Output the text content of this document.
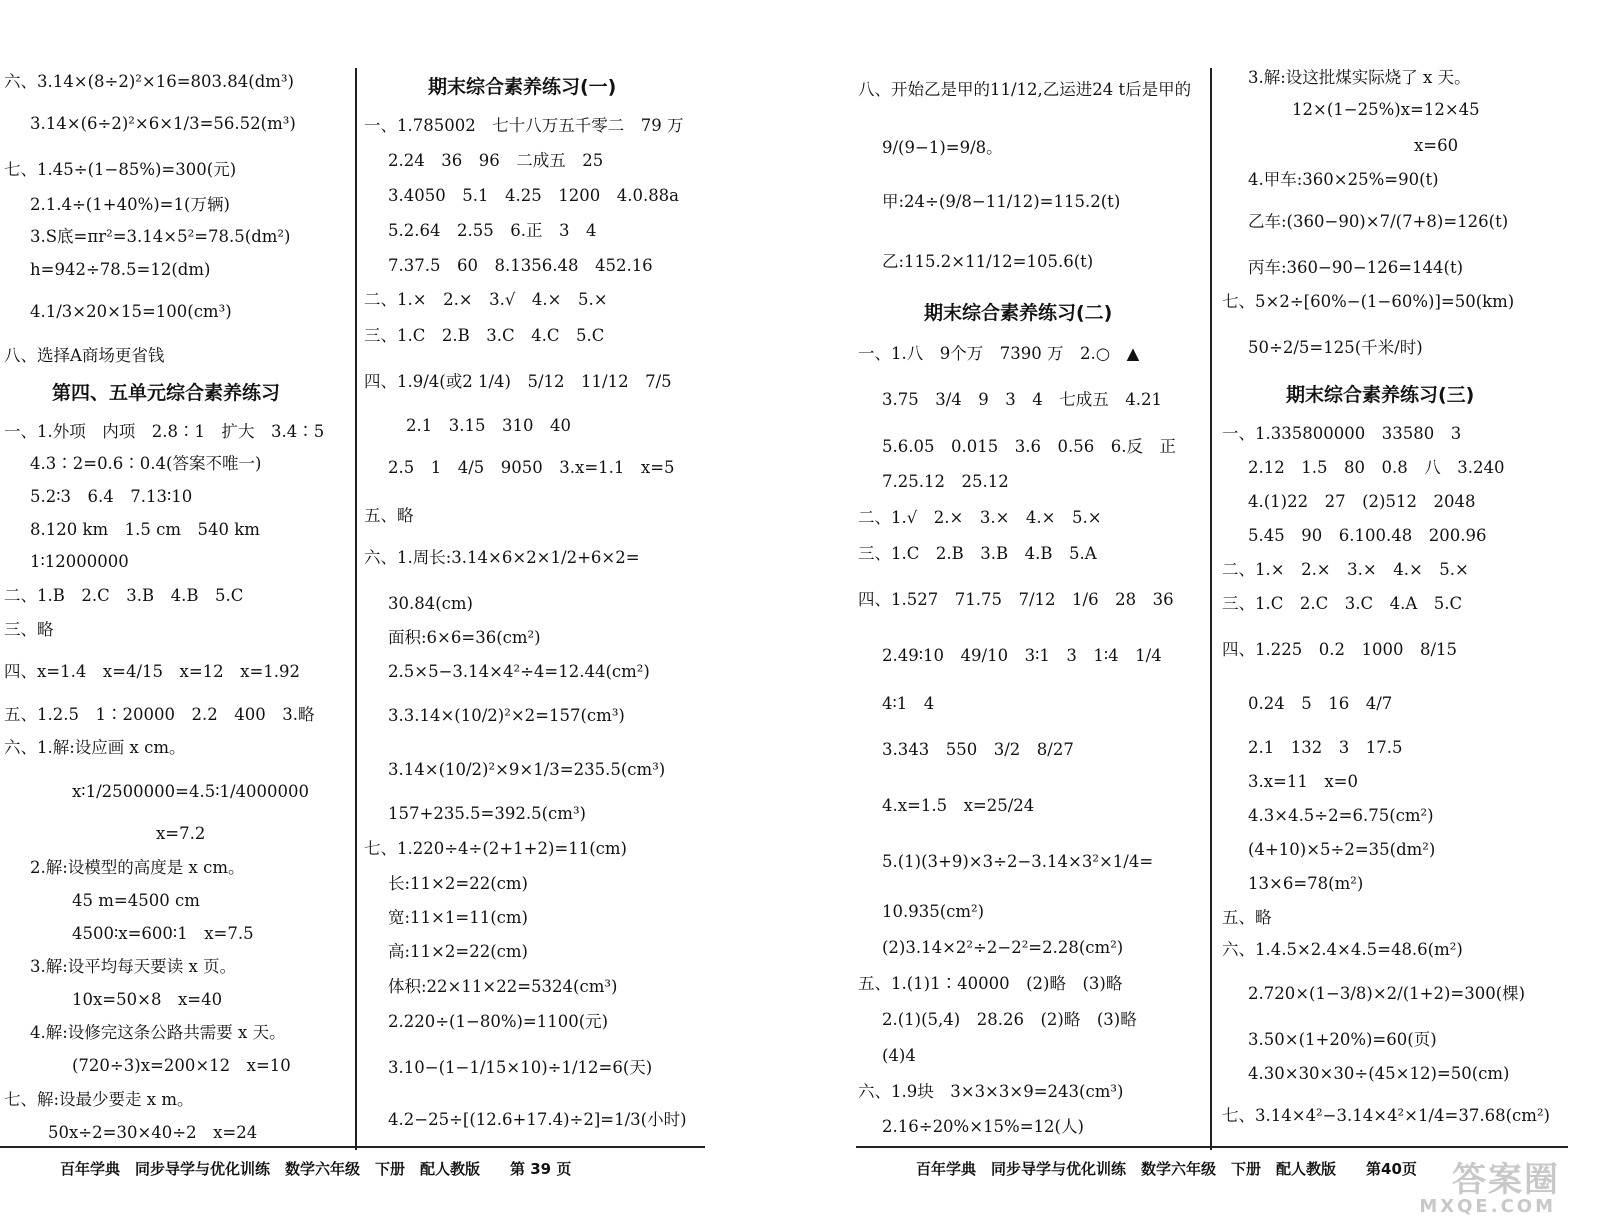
六、3.14×(8÷2)²×16=803.84(dm³)
3.14×(6÷2)²×6×1/3=56.52(m³)
七、1.45÷(1−85%)=300(元)
2.1.4÷(1+40%)=1(万辆)
3.S底=πr²=3.14×5²=78.5(dm²)
h=942÷78.5=12(dm)
4.1/3×20×15=100(cm³)
八、选择A商场更省钱
第四、五单元综合素养练习
一、1.外项　内项　2.8∶1　扩大　3.4∶5
4.3∶2=0.6∶0.4(答案不唯一)
5.2∶3　6.4　7.13∶10
8.120 km　1.5 cm　540 km
1∶12000000
二、1.B　2.C　3.B　4.B　5.C
三、略
四、x=1.4　x=4/15　x=12　x=1.92
五、1.2.5　1∶20000　2.2　400　3.略
六、1.解:设应画 x cm。
x∶1/2500000=4.5∶1/4000000
x=7.2
2.解:设模型的高度是 x cm。
45 m=4500 cm
4500∶x=600∶1　x=7.5
3.解:设平均每天要读 x 页。
10x=50×8　x=40
4.解:设修完这条公路共需要 x 天。
(720÷3)x=200×12　x=10
七、解:设最少要走 x m。
50x÷2=30×40÷2　x=24
期末综合素养练习(一)
一、1.785002　七十八万五千零二　79 万
2.24　36　96　二成五　25
3.4050　5.1　4.25　1200　4.0.88a
5.2.64　2.55　6.正　3　4
7.37.5　60　8.1356.48　452.16
二、1.×　2.×　3.√　4.×　5.×
三、1.C　2.B　3.C　4.C　5.C
四、1.9/4(或2 1/4)　5/12　11/12　7/5
2.1　3.15　310　40
2.5　1　4/5　9050　3.x=1.1　x=5
五、略
六、1.周长:3.14×6×2×1/2+6×2=
30.84(cm)
面积:6×6=36(cm²)
2.5×5−3.14×4²÷4=12.44(cm²)
3.3.14×(10/2)²×2=157(cm³)
3.14×(10/2)²×9×1/3=235.5(cm³)
157+235.5=392.5(cm³)
七、1.220÷4÷(2+1+2)=11(cm)
长:11×2=22(cm)
宽:11×1=11(cm)
高:11×2=22(cm)
体积:22×11×22=5324(cm³)
2.220÷(1−80%)=1100(元)
3.10−(1−1/15×10)÷1/12=6(天)
4.2−25÷[(12.6+17.4)÷2]=1/3(小时)
百年学典　同步导学与优化训练　数学六年级　下册　配人教版　　第 39 页
八、开始乙是甲的11/12,乙运进24 t后是甲的
9/(9−1)=9/8。
甲:24÷(9/8−11/12)=115.2(t)
乙:115.2×11/12=105.6(t)
期末综合素养练习(二)
一、1.八　9个万　7390 万　2.○　▲
3.75　3/4　9　3　4　七成五　4.21
5.6.05　0.015　3.6　0.56　6.反　正
7.25.12　25.12
二、1.√　2.×　3.×　4.×　5.×
三、1.C　2.B　3.B　4.B　5.A
四、1.527　71.75　7/12　1/6　28　36
2.49∶10　49/10　3∶1　3　1∶4　1/4
4∶1　4
3.343　550　3/2　8/27
4.x=1.5　x=25/24
5.(1)(3+9)×3÷2−3.14×3²×1/4=
10.935(cm²)
(2)3.14×2²÷2−2²=2.28(cm²)
五、1.(1)1∶40000　(2)略　(3)略
2.(1)(5,4)　28.26　(2)略　(3)略
(4)4
六、1.9块　3×3×3×9=243(cm³)
2.16÷20%×15%=12(人)
3.解:设这批煤实际烧了 x 天。
12×(1−25%)x=12×45
x=60
4.甲车:360×25%=90(t)
乙车:(360−90)×7/(7+8)=126(t)
丙车:360−90−126=144(t)
七、5×2÷[60%−(1−60%)]=50(km)
50÷2/5=125(千米/时)
期末综合素养练习(三)
一、1.335800000　33580　3
2.12　1.5　80　0.8　八　3.240
4.(1)22　27　(2)512　2048
5.45　90　6.100.48　200.96
二、1.×　2.×　3.×　4.×　5.×
三、1.C　2.C　3.C　4.A　5.C
四、1.225　0.2　1000　8/15
0.24　5　16　4/7
2.1　132　3　17.5
3.x=11　x=0
4.3×4.5÷2=6.75(cm²)
(4+10)×5÷2=35(dm²)
13×6=78(m²)
五、略
六、1.4.5×2.4×4.5=48.6(m²)
2.720×(1−3/8)×2/(1+2)=300(棵)
3.50×(1+20%)=60(页)
4.30×30×30÷(45×12)=50(cm)
七、3.14×4²−3.14×4²×1/4=37.68(cm²)
百年学典　同步导学与优化训练　数学六年级　下册　配人教版　　第40页 答案圈
MXQE.COM
